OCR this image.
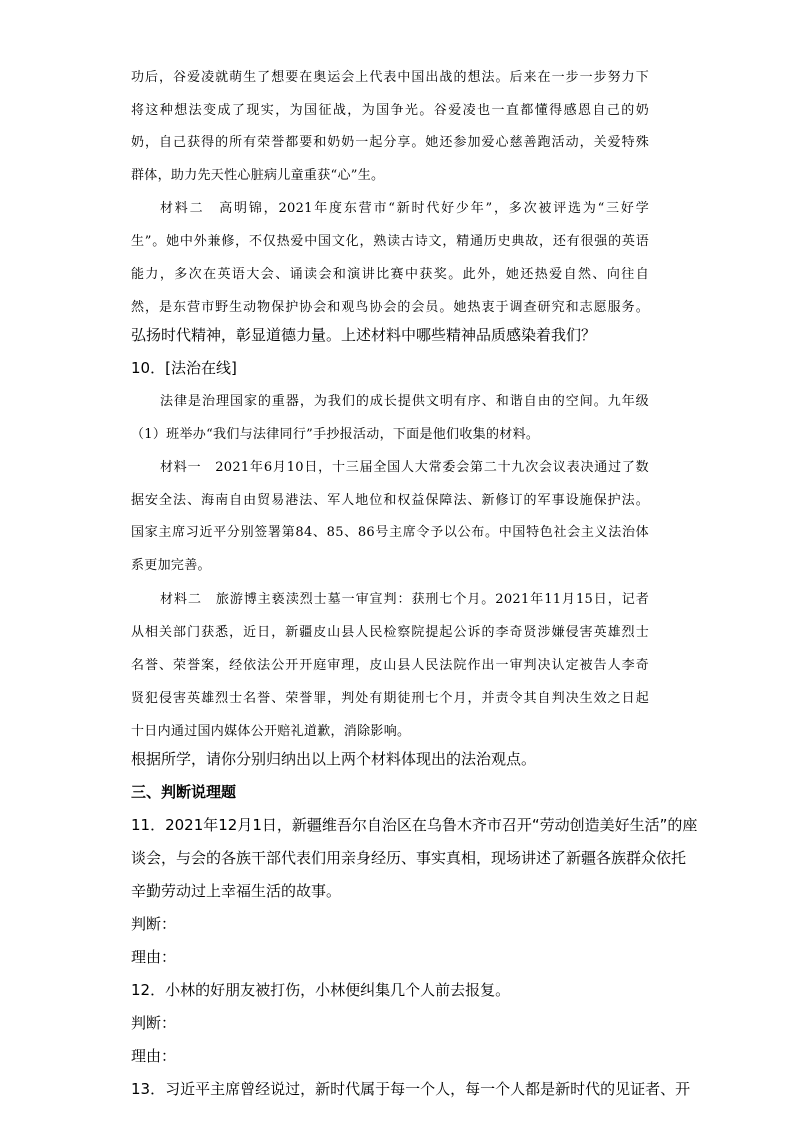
功后，谷爱凌就萌生了想要在奥运会上代表中国出战的想法。后来在一步一步努力下
将这种想法变成了现实，为国征战，为国争光。谷爱凌也一直都懂得感恩自己的奶
奶，自己获得的所有荣誉都要和奶奶一起分享。她还参加爱心慈善跑活动，关爱特殊
群体，助力先天性心脏病儿童重获“心”生。
材料二　高明锦，2021年度东营市“新时代好少年”，多次被评选为“三好学
生”。她中外兼修，不仅热爱中国文化，熟读古诗文，精通历史典故，还有很强的英语
能力，多次在英语大会、诵读会和演讲比赛中获奖。此外，她还热爱自然、向往自
然，是东营市野生动物保护协会和观鸟协会的会员。她热衷于调查研究和志愿服务。
弘扬时代精神，彰显道德力量。上述材料中哪些精神品质感染着我们？
10．[法治在线]
法律是治理国家的重器，为我们的成长提供文明有序、和谐自由的空间。九年级
（1）班举办“我们与法律同行”手抄报活动，下面是他们收集的材料。
材料一　2021年6月10日，十三届全国人大常委会第二十九次会议表决通过了数
据安全法、海南自由贸易港法、军人地位和权益保障法、新修订的军事设施保护法。
国家主席习近平分别签署第84、85、86号主席令予以公布。中国特色社会主义法治体
系更加完善。
材料二　旅游博主亵渎烈士墓一审宣判：获刑七个月。2021年11月15日，记者
从相关部门获悉，近日，新疆皮山县人民检察院提起公诉的李奇贤涉嫌侵害英雄烈士
名誉、荣誉案，经依法公开开庭审理，皮山县人民法院作出一审判决认定被告人李奇
贤犯侵害英雄烈士名誉、荣誉罪，判处有期徒刑七个月，并责令其自判决生效之日起
十日内通过国内媒体公开赔礼道歉，消除影响。
根据所学，请你分别归纳出以上两个材料体现出的法治观点。
三、判断说理题
11．2021年12月1日，新疆维吾尔自治区在乌鲁木齐市召开“劳动创造美好生活”的座
谈会，与会的各族干部代表们用亲身经历、事实真相，现场讲述了新疆各族群众依托
辛勤劳动过上幸福生活的故事。
判断：
理由：
12．小林的好朋友被打伤，小林便纠集几个人前去报复。
判断：
理由：
13．习近平主席曾经说过，新时代属于每一个人，每一个人都是新时代的见证者、开
